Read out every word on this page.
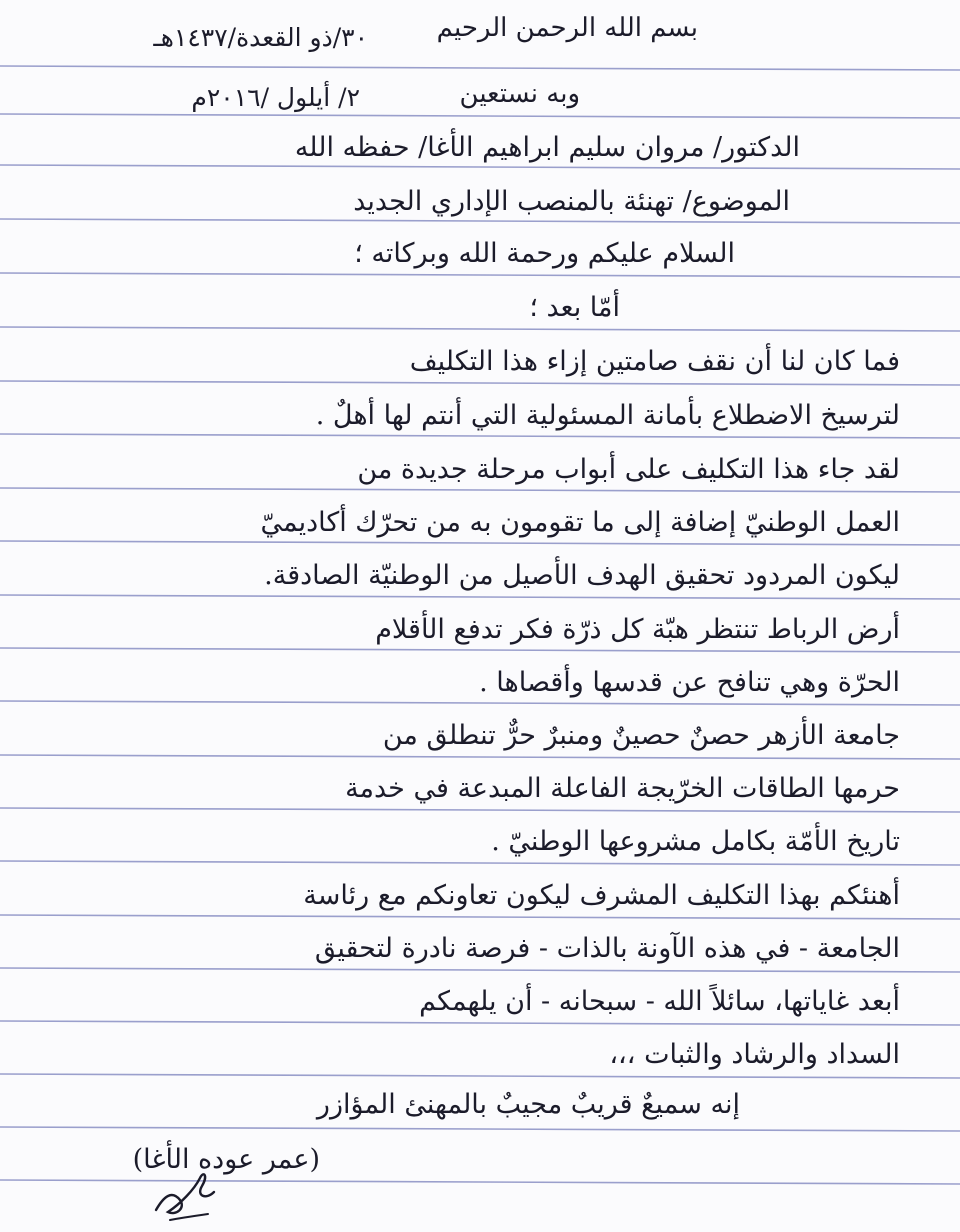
بسم الله الرحمن الرحيم
٣٠/ذو القعدة/١٤٣٧هـ
وبه نستعين
٢/ أيلول /٢٠١٦م
الدكتور/ مروان سليم ابراهيم الأغا/ حفظه الله
الموضوع/ تهنئة بالمنصب الإداري الجديد
السلام عليكم ورحمة الله وبركاته ؛
أمّا بعد ؛
فما كان لنا أن نقف صامتين إزاء هذا التكليف
لترسيخ الاضطلاع بأمانة المسئولية التي أنتم لها أهلٌ .
لقد جاء هذا التكليف على أبواب مرحلة جديدة من
العمل الوطنيّ إضافة إلى ما تقومون به من تحرّك أكاديميّ
ليكون المردود تحقيق الهدف الأصيل من الوطنيّة الصادقة.
أرض الرباط تنتظر هبّة كل ذرّة فكر تدفع الأقلام
الحرّة وهي تنافح عن قدسها وأقصاها .
جامعة الأزهر حصنٌ حصينٌ ومنبرٌ حرٌّ تنطلق من
حرمها الطاقات الخرّيجة الفاعلة المبدعة في خدمة
تاريخ الأمّة بكامل مشروعها الوطنيّ .
أهنئكم بهذا التكليف المشرف ليكون تعاونكم مع رئاسة
الجامعة - في هذه الآونة بالذات - فرصة نادرة لتحقيق
أبعد غاياتها، سائلاً الله - سبحانه - أن يلهمكم
السداد والرشاد والثبات ،،،
إنه سميعٌ قريبٌ مجيبٌ بالمهنئ المؤازر
(عمر عوده الأغا)
